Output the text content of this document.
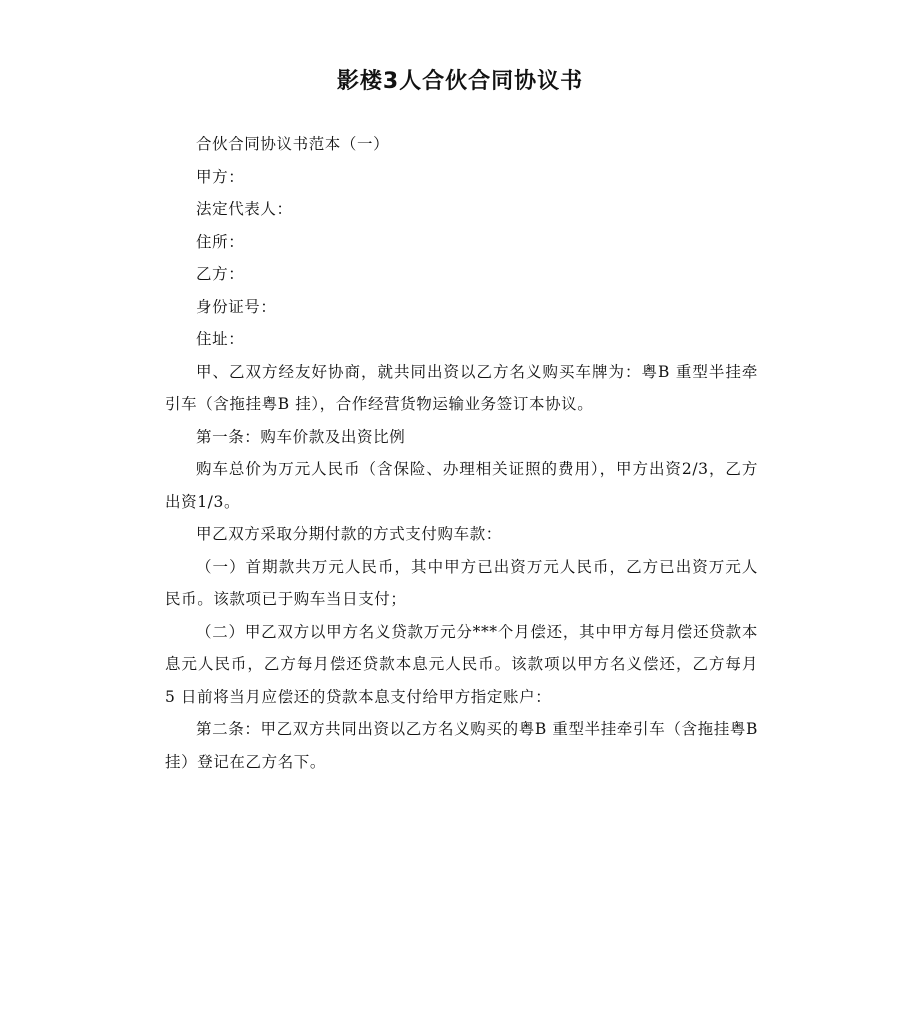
影楼3人合伙合同协议书

合伙合同协议书范本（一）

甲方：

法定代表人：

住所：

乙方：

身份证号：

住址：

甲、乙双方经友好协商，就共同出资以乙方名义购买车牌为：粤B 重型半挂牵引车（含拖挂粤B 挂），合作经营货物运输业务签订本协议。

第一条：购车价款及出资比例

购车总价为万元人民币（含保险、办理相关证照的费用），甲方出资2/3，乙方出资1/3。

甲乙双方采取分期付款的方式支付购车款：

（一）首期款共万元人民币，其中甲方已出资万元人民币，乙方已出资万元人民币。该款项已于购车当日支付；

（二）甲乙双方以甲方名义贷款万元分***个月偿还，其中甲方每月偿还贷款本息元人民币，乙方每月偿还贷款本息元人民币。该款项以甲方名义偿还，乙方每月 5 日前将当月应偿还的贷款本息支付给甲方指定账户：

第二条：甲乙双方共同出资以乙方名义购买的粤B 重型半挂牵引车（含拖挂粤B 挂）登记在乙方名下。
